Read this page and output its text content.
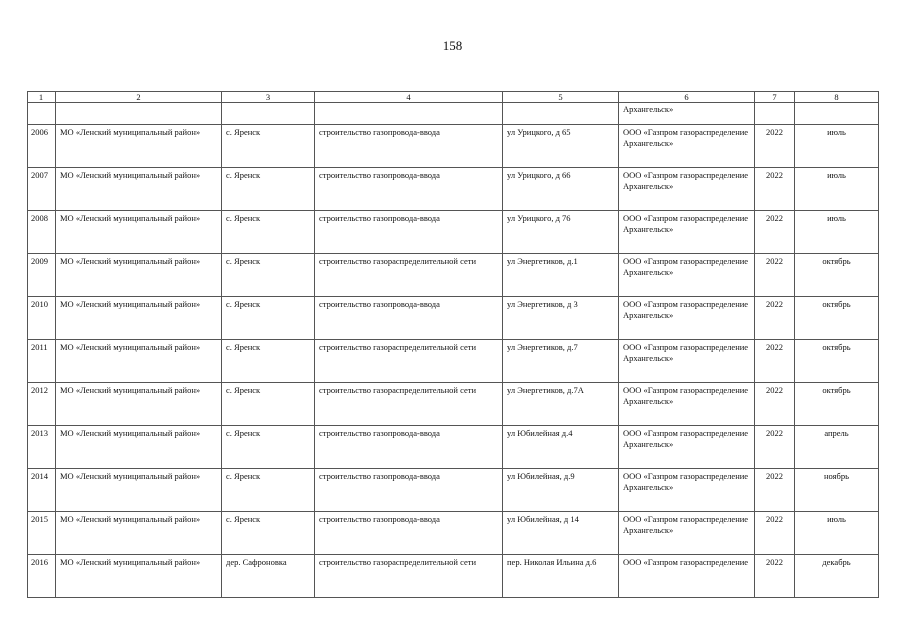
158
1	2	3	4	5	6	7	8
					Архангельск»		
2006	МО «Ленский муниципальный район»	с. Яренск	строительство газопровода-ввода	ул Урицкого, д 65	ООО «Газпром газораспределение Архангельск»	2022	июль
2007	МО «Ленский муниципальный район»	с. Яренск	строительство газопровода-ввода	ул Урицкого, д 66	ООО «Газпром газораспределение Архангельск»	2022	июль
2008	МО «Ленский муниципальный район»	с. Яренск	строительство газопровода-ввода	ул Урицкого, д 76	ООО «Газпром газораспределение Архангельск»	2022	июль
2009	МО «Ленский муниципальный район»	с. Яренск	строительство газораспределительной сети	ул Энергетиков, д.1	ООО «Газпром газораспределение Архангельск»	2022	октябрь
2010	МО «Ленский муниципальный район»	с. Яренск	строительство газопровода-ввода	ул Энергетиков, д 3	ООО «Газпром газораспределение Архангельск»	2022	октябрь
2011	МО «Ленский муниципальный район»	с. Яренск	строительство газораспределительной сети	ул Энергетиков, д.7	ООО «Газпром газораспределение Архангельск»	2022	октябрь
2012	МО «Ленский муниципальный район»	с. Яренск	строительство газораспределительной сети	ул Энергетиков, д.7А	ООО «Газпром газораспределение Архангельск»	2022	октябрь
2013	МО «Ленский муниципальный район»	с. Яренск	строительство газопровода-ввода	ул Юбилейная д.4	ООО «Газпром газораспределение Архангельск»	2022	апрель
2014	МО «Ленский муниципальный район»	с. Яренск	строительство газопровода-ввода	ул Юбилейная, д.9	ООО «Газпром газораспределение Архангельск»	2022	ноябрь
2015	МО «Ленский муниципальный район»	с. Яренск	строительство газопровода-ввода	ул Юбилейная, д 14	ООО «Газпром газораспределение Архангельск»	2022	июль
2016	МО «Ленский муниципальный район»	дер. Сафроновка	строительство газораспределительной сети	пер. Николая Ильина д.6	ООО «Газпром газораспределение	2022	декабрь
